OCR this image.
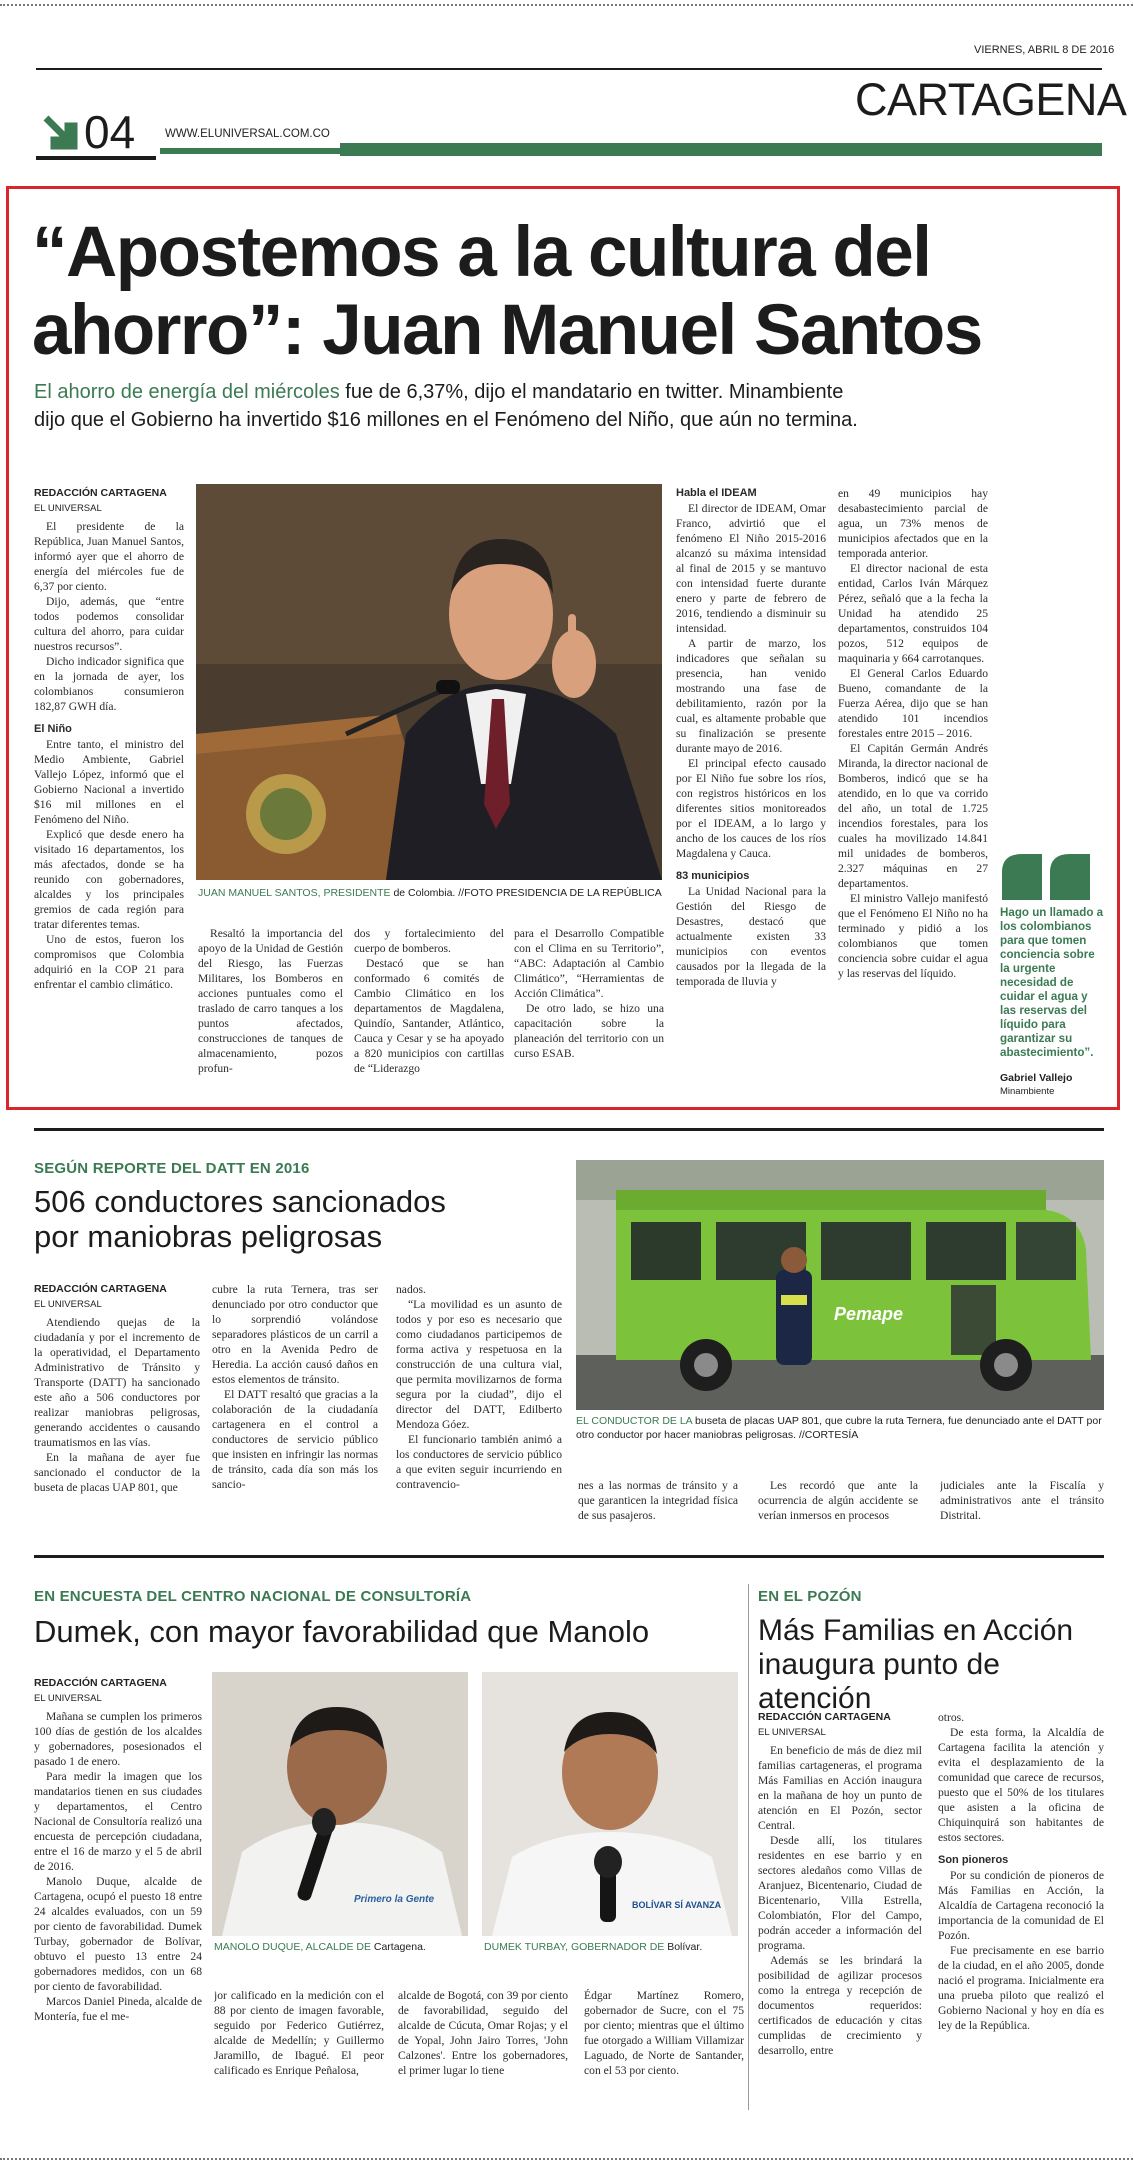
VIERNES, ABRIL 8 DE 2016
CARTAGENA
04	WWW.ELUNIVERSAL.COM.CO
“Apostemos a la cultura del
ahorro”: Juan Manuel Santos
El ahorro de energía del miércoles fue de 6,37%, dijo el mandatario en twitter. Minambiente
dijo que el Gobierno ha invertido $16 millones en el Fenómeno del Niño, que aún no termina.
REDACCIÓN CARTAGENA
EL UNIVERSAL

El presidente de la República, Juan Manuel Santos, informó ayer que el ahorro de energía del miércoles fue de 6,37 por ciento.

Dijo, además, que “entre todos podemos consolidar cultura del ahorro, para cuidar nuestros recursos”.

Dicho indicador significa que en la jornada de ayer, los colombianos consumieron 182,87 GWH día.

El Niño

Entre tanto, el ministro del Medio Ambiente, Gabriel Vallejo López, informó que el Gobierno Nacional a invertido $16 mil millones en el Fenómeno del Niño.

Explicó que desde enero ha visitado 16 departamentos, los más afectados, donde se ha reunido con gobernadores, alcaldes y los principales gremios de cada región para tratar diferentes temas.

Uno de estos, fueron los compromisos que Colombia adquirió en la COP 21 para enfrentar el cambio climático.

JUAN MANUEL SANTOS, PRESIDENTE de Colombia. //FOTO PRESIDENCIA DE LA REPÚBLICA

Resaltó la importancia del apoyo de la Unidad de Gestión del Riesgo, las Fuerzas Militares, los Bomberos en acciones puntuales como el traslado de carro tanques a los puntos afectados, construcciones de tanques de almacenamiento, pozos profun-

dos y fortalecimiento del cuerpo de bomberos.

Destacó que se han conformado 6 comités de Cambio Climático en los departamentos de Magdalena, Quindío, Santander, Atlántico, Cauca y Cesar y se ha apoyado a 820 municipios con cartillas de “Liderazgo

para el Desarrollo Compatible con el Clima en su Territorio”, “ABC: Adaptación al Cambio Climático”, “Herramientas de Acción Climática”.

De otro lado, se hizo una capacitación sobre la planeación del territorio con un curso ESAB.

Habla el IDEAM

El director de IDEAM, Omar Franco, advirtió que el fenómeno El Niño 2015-2016 alcanzó su máxima intensidad al final de 2015 y se mantuvo con intensidad fuerte durante enero y parte de febrero de 2016, tendiendo a disminuir su intensidad.

A partir de marzo, los indicadores que señalan su presencia, han venido mostrando una fase de debilitamiento, razón por la cual, es altamente probable que su finalización se presente durante mayo de 2016.

El principal efecto causado por El Niño fue sobre los ríos, con registros históricos en los diferentes sitios monitoreados por el IDEAM, a lo largo y ancho de los cauces de los ríos Magdalena y Cauca.

83 municipios

La Unidad Nacional para la Gestión del Riesgo de Desastres, destacó que actualmente existen 33 municipios con eventos causados por la llegada de la temporada de lluvia y

en 49 municipios hay desabastecimiento parcial de agua, un 73% menos de municipios afectados que en la temporada anterior.

El director nacional de esta entidad, Carlos Iván Márquez Pérez, señaló que a la fecha la Unidad ha atendido 25 departamentos, construidos 104 pozos, 512 equipos de maquinaria y 664 carrotanques.

El General Carlos Eduardo Bueno, comandante de la Fuerza Aérea, dijo que se han atendido 101 incendios forestales entre 2015 – 2016.

El Capitán Germán Andrés Miranda, la director nacional de Bomberos, indicó que se ha atendido, en lo que va corrido del año, un total de 1.725 incendios forestales, para los cuales ha movilizado 14.841 mil unidades de bomberos, 2.327 máquinas en 27 departamentos.

El ministro Vallejo manifestó que el Fenómeno El Niño no ha terminado y pidió a los colombianos que tomen conciencia sobre cuidar el agua y las reservas del líquido.

Hago un llamado a los colombianos para que tomen conciencia sobre la urgente necesidad de cuidar el agua y las reservas del líquido para garantizar su abastecimiento”.
Gabriel Vallejo
Minambiente
SEGÚN REPORTE DEL DATT EN 2016
506 conductores sancionados
por maniobras peligrosas
REDACCIÓN CARTAGENA
EL UNIVERSAL

Atendiendo quejas de la ciudadanía y por el incremento de la operatividad, el Departamento Administrativo de Tránsito y Transporte (DATT) ha sancionado este año a 506 conductores por realizar maniobras peligrosas, generando accidentes o causando traumatismos en las vías.

En la mañana de ayer fue sancionado el conductor de la buseta de placas UAP 801, que

cubre la ruta Ternera, tras ser denunciado por otro conductor que lo sorprendió volándose separadores plásticos de un carril a otro en la Avenida Pedro de Heredia. La acción causó daños en estos elementos de tránsito.

El DATT resaltó que gracias a la colaboración de la ciudadanía cartagenera en el control a conductores de servicio público que insisten en infringir las normas de tránsito, cada día son más los sancio-

nados.

“La movilidad es un asunto de todos y por eso es necesario que como ciudadanos participemos de forma activa y respetuosa en la construcción de una cultura vial, que permita movilizarnos de forma segura por la ciudad”, dijo el director del DATT, Edilberto Mendoza Góez.

El funcionario también animó a los conductores de servicio público a que eviten seguir incurriendo en contravencio-

Pemape
EL CONDUCTOR DE LA buseta de placas UAP 801, que cubre la ruta Ternera, fue denunciado ante el DATT por otro conductor por hacer maniobras peligrosas. //CORTESÍA

nes a las normas de tránsito y a que garanticen la integridad física de sus pasajeros.

Les recordó que ante la ocurrencia de algún accidente se verían inmersos en procesos

judiciales ante la Fiscalía y administrativos ante el tránsito Distrital.

EN ENCUESTA DEL CENTRO NACIONAL DE CONSULTORÍA
Dumek, con mayor favorabilidad que Manolo
REDACCIÓN CARTAGENA
EL UNIVERSAL

Mañana se cumplen los primeros 100 días de gestión de los alcaldes y gobernadores, posesionados el pasado 1 de enero.

Para medir la imagen que los mandatarios tienen en sus ciudades y departamentos, el Centro Nacional de Consultoría realizó una encuesta de percepción ciudadana, entre el 16 de marzo y el 5 de abril de 2016.

Manolo Duque, alcalde de Cartagena, ocupó el puesto 18 entre 24 alcaldes evaluados, con un 59 por ciento de favorabilidad. Dumek Turbay, gobernador de Bolívar, obtuvo el puesto 13 entre 24 gobernadores medidos, con un 68 por ciento de favorabilidad.

Marcos Daniel Pineda, alcalde de Montería, fue el me-

Primero la Gente
MANOLO DUQUE, ALCALDE DE Cartagena.
BOLÍVAR SÍ AVANZA
DUMEK TURBAY, GOBERNADOR DE Bolívar.

jor calificado en la medición con el 88 por ciento de imagen favorable, seguido por Federico Gutiérrez, alcalde de Medellín; y Guillermo Jaramillo, de Ibagué. El peor calificado es Enrique Peñalosa,

alcalde de Bogotá, con 39 por ciento de favorabilidad, seguido del alcalde de Cúcuta, Omar Rojas; y el de Yopal, John Jairo Torres, 'John Calzones'. Entre los gobernadores, el primer lugar lo tiene

Édgar Martínez Romero, gobernador de Sucre, con el 75 por ciento; mientras que el último fue otorgado a William Villamizar Laguado, de Norte de Santander, con el 53 por ciento.

EN EL POZÓN
Más Familias en Acción
inaugura punto de atención
REDACCIÓN CARTAGENA
EL UNIVERSAL

En beneficio de más de diez mil familias cartageneras, el programa Más Familias en Acción inaugura en la mañana de hoy un punto de atención en El Pozón, sector Central.

Desde allí, los titulares residentes en ese barrio y en sectores aledaños como Villas de Aranjuez, Bicentenario, Ciudad de Bicentenario, Villa Estrella, Colombiatón, Flor del Campo, podrán acceder a información del programa.

Además se les brindará la posibilidad de agilizar procesos como la entrega y recepción de documentos requeridos: certificados de educación y citas cumplidas de crecimiento y desarrollo, entre

otros.

De esta forma, la Alcaldía de Cartagena facilita la atención y evita el desplazamiento de la comunidad que carece de recursos, puesto que el 50% de los titulares que asisten a la oficina de Chiquinquirá son habitantes de estos sectores.

Son pioneros

Por su condición de pioneros de Más Familias en Acción, la Alcaldía de Cartagena reconoció la importancia de la comunidad de El Pozón.

Fue precisamente en ese barrio de la ciudad, en el año 2005, donde nació el programa. Inicialmente era una prueba piloto que realizó el Gobierno Nacional y hoy en día es ley de la República.
